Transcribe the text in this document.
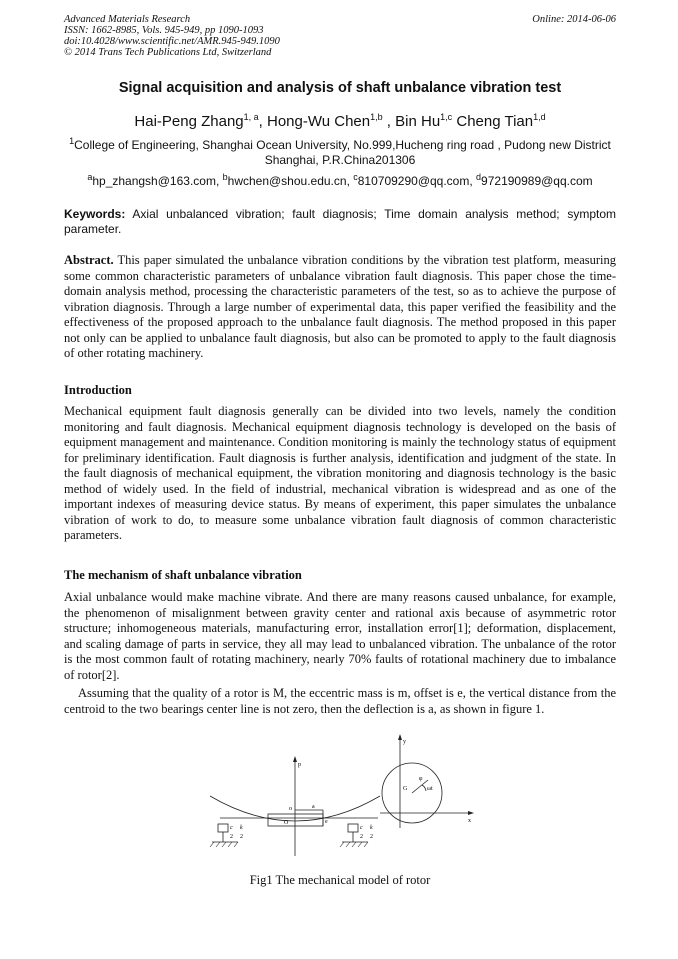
Advanced Materials Research
ISSN: 1662-8985, Vols. 945-949, pp 1090-1093
doi:10.4028/www.scientific.net/AMR.945-949.1090
© 2014 Trans Tech Publications Ltd, Switzerland
Online: 2014-06-06
Signal acquisition and analysis of shaft unbalance vibration test
Hai-Peng Zhang$^{1, a}$, Hong-Wu Chen$^{1,b}$ , Bin Hu$^{1,c}$ Cheng Tian$^{1,d}$
$^1$College of Engineering, Shanghai Ocean University, No.999,Hucheng ring road , Pudong new District Shanghai, P.R.China201306
$^a$hp_zhangsh@163.com, $^b$hwchen@shou.edu.cn, $^c$810709290@qq.com, $^d$972190989@qq.com
Keywords: Axial unbalanced vibration; fault diagnosis; Time domain analysis method; symptom parameter.

Abstract. This paper simulated the unbalance vibration conditions by the vibration test platform, measuring some common characteristic parameters of unbalance vibration fault diagnosis. This paper chose the time-domain analysis method, processing the characteristic parameters of the test, so as to achieve the purpose of vibration diagnosis. Through a large number of experimental data, this paper verified the feasibility and the effectiveness of the proposed approach to the unbalance fault diagnosis. The method proposed in this paper not only can be applied to unbalance fault diagnosis, but also can be promoted to apply to the fault diagnosis of other rotating machinery.

Introduction

Mechanical equipment fault diagnosis generally can be divided into two levels, namely the condition monitoring and fault diagnosis. Mechanical equipment diagnosis technology is developed on the basis of equipment management and maintenance. Condition monitoring is mainly the technology status of equipment for preliminary identification. Fault diagnosis is further analysis, identification and judgment of the state. In the fault diagnosis of mechanical equipment, the vibration monitoring and diagnosis technology is the basic method of widely used. In the field of industrial, mechanical vibration is widespread and as one of the important indexes of measuring device status. By means of experiment, this paper simulates the unbalance vibration of work to do, to measure some unbalance vibration fault diagnosis of common characteristic parameters.

The mechanism of shaft unbalance vibration

Axial unbalance would make machine vibrate. And there are many reasons caused unbalance, for example, the phenomenon of misalignment between gravity center and rational axis because of asymmetric rotor structure; inhomogeneous materials, manufacturing error, installation error[1]; deformation, displacement, and scaling damage of parts in service, they all may lead to unbalanced vibration. The unbalance of the rotor is the most common fault of rotating machinery, nearly 70% faults of rotational machinery due to imbalance of rotor[2].

Assuming that the quality of a rotor is M, the eccentric mass is m, offset is e, the vertical distance from the centroid to the two bearings center line is not zero, then the deflection is a, as shown in figure 1.

p
o
O
a
e
G
y
x
ωt
φ
c k
2 2
c k
2 2
Fig1 The mechanical model of rotor
